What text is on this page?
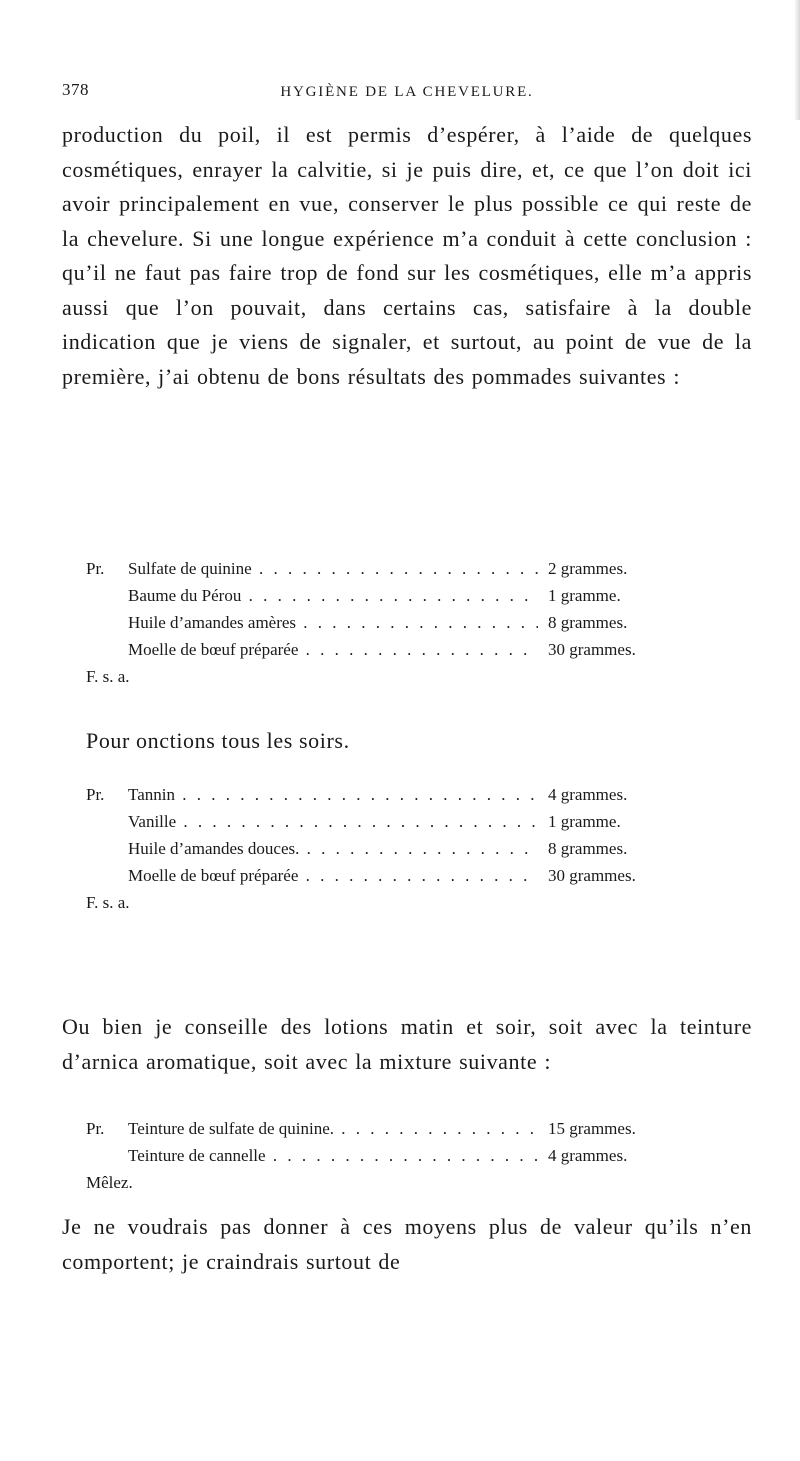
378	HYGIÈNE DE LA CHEVELURE.

production du poil, il est permis d’espérer, à l’aide de quelques cosmétiques, enrayer la calvitie, si je puis dire, et, ce que l’on doit ici avoir principalement en vue, conserver le plus possible ce qui reste de la chevelure. Si une longue expérience m’a conduit à cette conclusion : qu’il ne faut pas faire trop de fond sur les cosmétiques, elle m’a appris aussi que l’on pouvait, dans certains cas, satisfaire à la double indication que je viens de signaler, et surtout, au point de vue de la première, j’ai obtenu de bons résultats des pommades suivantes :

Pr.	Sulfate de quinine . . .	2 grammes.
Baume du Pérou . . .	1 gramme.
Huile d’amandes amères . . .	8 grammes.
Moelle de bœuf préparée . . .	30 grammes.
F. s. a.
Pour onctions tous les soirs.
Pr.	Tannin . . .	4 grammes.
Vanille . . .	1 gramme.
Huile d’amandes douces. . . .	8 grammes.
Moelle de bœuf préparée . . .	30 grammes.
F. s. a.

Ou bien je conseille des lotions matin et soir, soit avec la teinture d’arnica aromatique, soit avec la mixture suivante :

Pr.	Teinture de sulfate de quinine. . . .	15 grammes.
Teinture de cannelle . . .	4 grammes.
Mêlez.

Je ne voudrais pas donner à ces moyens plus de valeur qu’ils n’en comportent; je craindrais surtout de
